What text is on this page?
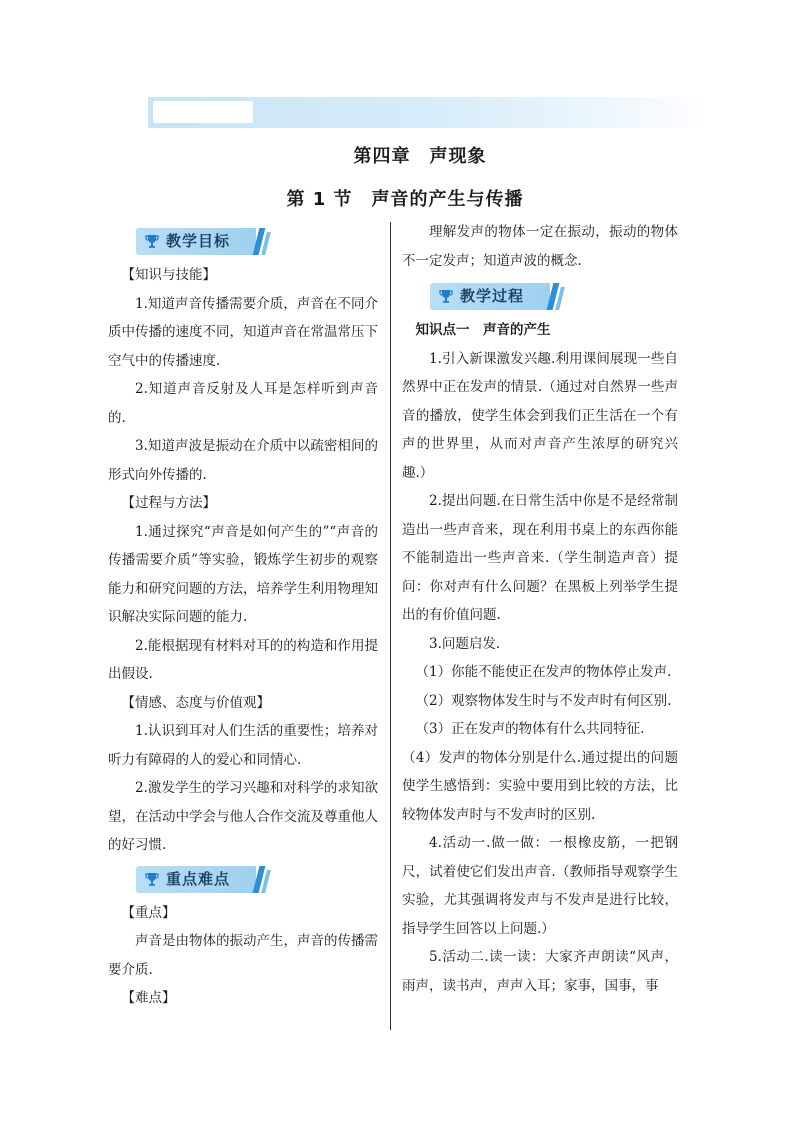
第四章　声现象
第 1 节　声音的产生与传播
教学目标

【知识与技能】

1.知道声音传播需要介质，声音在不同介质中传播的速度不同，知道声音在常温常压下空气中的传播速度.

2.知道声音反射及人耳是怎样听到声音的.

3.知道声波是振动在介质中以疏密相间的形式向外传播的.

【过程与方法】

1.通过探究“声音是如何产生的”“声音的传播需要介质”等实验，锻炼学生初步的观察能力和研究问题的方法，培养学生利用物理知识解决实际问题的能力.

2.能根据现有材料对耳的的构造和作用提出假设.

【情感、态度与价值观】

1.认识到耳对人们生活的重要性；培养对听力有障碍的人的爱心和同情心.

2.激发学生的学习兴趣和对科学的求知欲望，在活动中学会与他人合作交流及尊重他人的好习惯.

重点难点

【重点】

声音是由物体的振动产生，声音的传播需要介质.

【难点】

理解发声的物体一定在振动，振动的物体不一定发声；知道声波的概念.

教学过程

知识点一　声音的产生

1.引入新课激发兴趣.利用课间展现一些自然界中正在发声的情景.（通过对自然界一些声音的播放，使学生体会到我们正生活在一个有声的世界里，从而对声音产生浓厚的研究兴趣.）

2.提出问题.在日常生活中你是不是经常制造出一些声音来，现在利用书桌上的东西你能不能制造出一些声音来.（学生制造声音）提问：你对声有什么问题？在黑板上列举学生提出的有价值问题.

3.问题启发.

（1）你能不能使正在发声的物体停止发声.

（2）观察物体发生时与不发声时有何区别.

（3）正在发声的物体有什么共同特征.

（4）发声的物体分别是什么.通过提出的问题使学生感悟到：实验中要用到比较的方法，比较物体发声时与不发声时的区别.

4.活动一.做一做：一根橡皮筋，一把钢尺，试着使它们发出声音.（教师指导观察学生实验，尤其强调将发声与不发声是进行比较，指导学生回答以上问题.）

5.活动二.读一读：大家齐声朗读“风声，雨声，读书声，声声入耳；家事，国事，事
